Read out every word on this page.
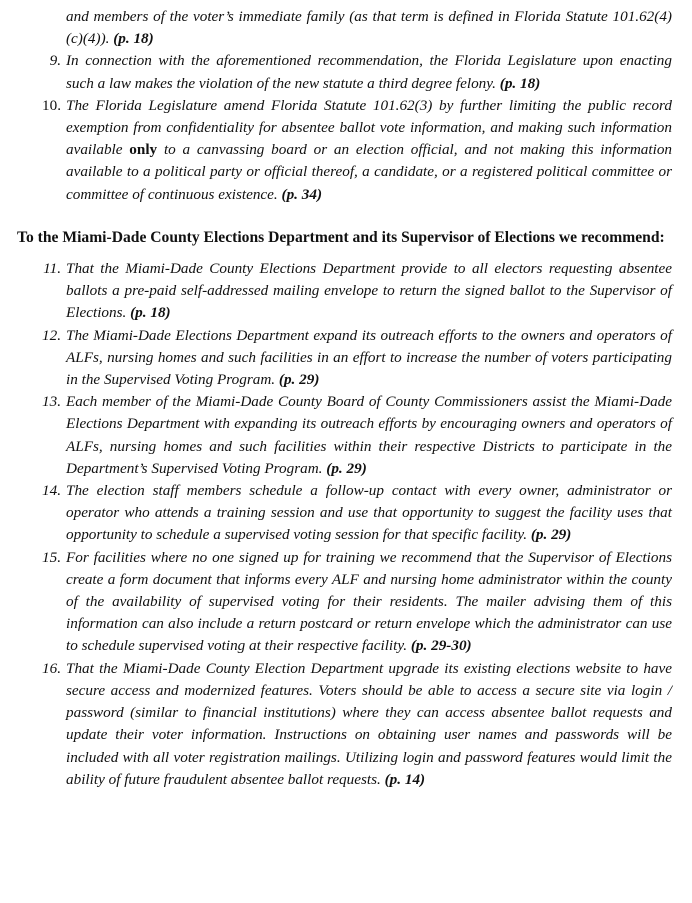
and members of the voter’s immediate family (as that term is defined in Florida Statute 101.62(4)(c)(4)). (p. 18)

9. In connection with the aforementioned recommendation, the Florida Legislature upon enacting such a law makes the violation of the new statute a third degree felony. (p. 18)

10. The Florida Legislature amend Florida Statute 101.62(3) by further limiting the public record exemption from confidentiality for absentee ballot vote information, and making such information available only to a canvassing board or an election official, and not making this information available to a political party or official thereof, a candidate, or a registered political committee or committee of continuous existence. (p. 34)

To the Miami-Dade County Elections Department and its Supervisor of Elections we recommend:

11. That the Miami-Dade County Elections Department provide to all electors requesting absentee ballots a pre-paid self-addressed mailing envelope to return the signed ballot to the Supervisor of Elections. (p. 18)

12. The Miami-Dade Elections Department expand its outreach efforts to the owners and operators of ALFs, nursing homes and such facilities in an effort to increase the number of voters participating in the Supervised Voting Program. (p. 29)

13. Each member of the Miami-Dade County Board of County Commissioners assist the Miami-Dade Elections Department with expanding its outreach efforts by encouraging owners and operators of ALFs, nursing homes and such facilities within their respective Districts to participate in the Department’s Supervised Voting Program. (p. 29)

14. The election staff members schedule a follow-up contact with every owner, administrator or operator who attends a training session and use that opportunity to suggest the facility uses that opportunity to schedule a supervised voting session for that specific facility. (p. 29)

15. For facilities where no one signed up for training we recommend that the Supervisor of Elections create a form document that informs every ALF and nursing home administrator within the county of the availability of supervised voting for their residents. The mailer advising them of this information can also include a return postcard or return envelope which the administrator can use to schedule supervised voting at their respective facility. (p. 29-30)

16. That the Miami-Dade County Election Department upgrade its existing elections website to have secure access and modernized features. Voters should be able to access a secure site via login / password (similar to financial institutions) where they can access absentee ballot requests and update their voter information. Instructions on obtaining user names and passwords will be included with all voter registration mailings. Utilizing login and password features would limit the ability of future fraudulent absentee ballot requests. (p. 14)
